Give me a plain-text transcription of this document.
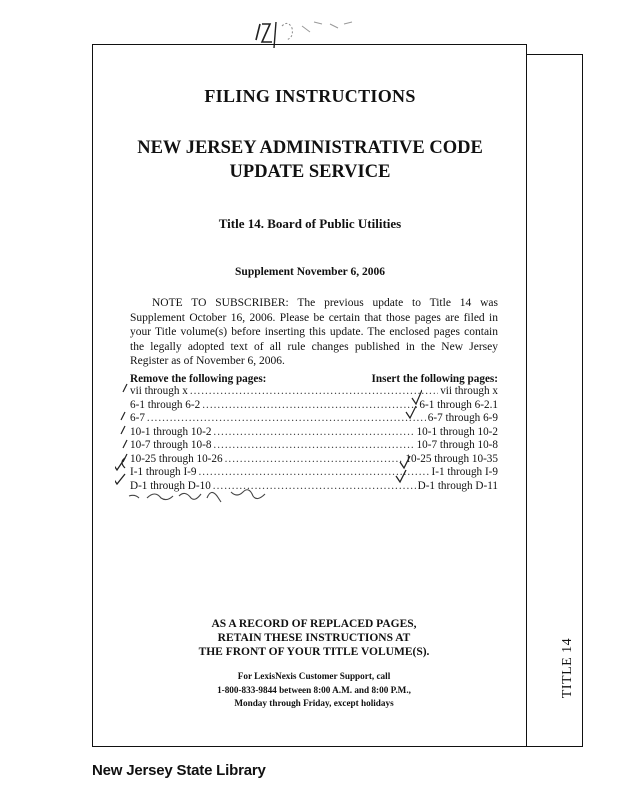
FILING INSTRUCTIONS
NEW JERSEY ADMINISTRATIVE CODE
UPDATE SERVICE
Title 14. Board of Public Utilities
Supplement November 6, 2006
NOTE TO SUBSCRIBER: The previous update to Title 14 was Supplement October 16, 2006. Please be certain that those pages are filed in your Title volume(s) before inserting this update. The enclosed pages contain the legally adopted text of all rule changes published in the New Jersey Register as of November 6, 2006.
Remove the following pages:	Insert the following pages:
vii through x .....	vii through x
6-1 through 6-2 .....	6-1 through 6-2.1
6-7 .....	6-7 through 6-9
10-1 through 10-2 .....	10-1 through 10-2
10-7 through 10-8 .....	10-7 through 10-8
10-25 through 10-26 .....	10-25 through 10-35
I-1 through I-9 .....	I-1 through I-9
D-1 through D-10 .....	D-1 through D-11
AS A RECORD OF REPLACED PAGES,
RETAIN THESE INSTRUCTIONS AT
THE FRONT OF YOUR TITLE VOLUME(S).
For LexisNexis Customer Support, call
1-800-833-9844 between 8:00 A.M. and 8:00 P.M.,
Monday through Friday, except holidays
TITLE 14
New Jersey State Library
